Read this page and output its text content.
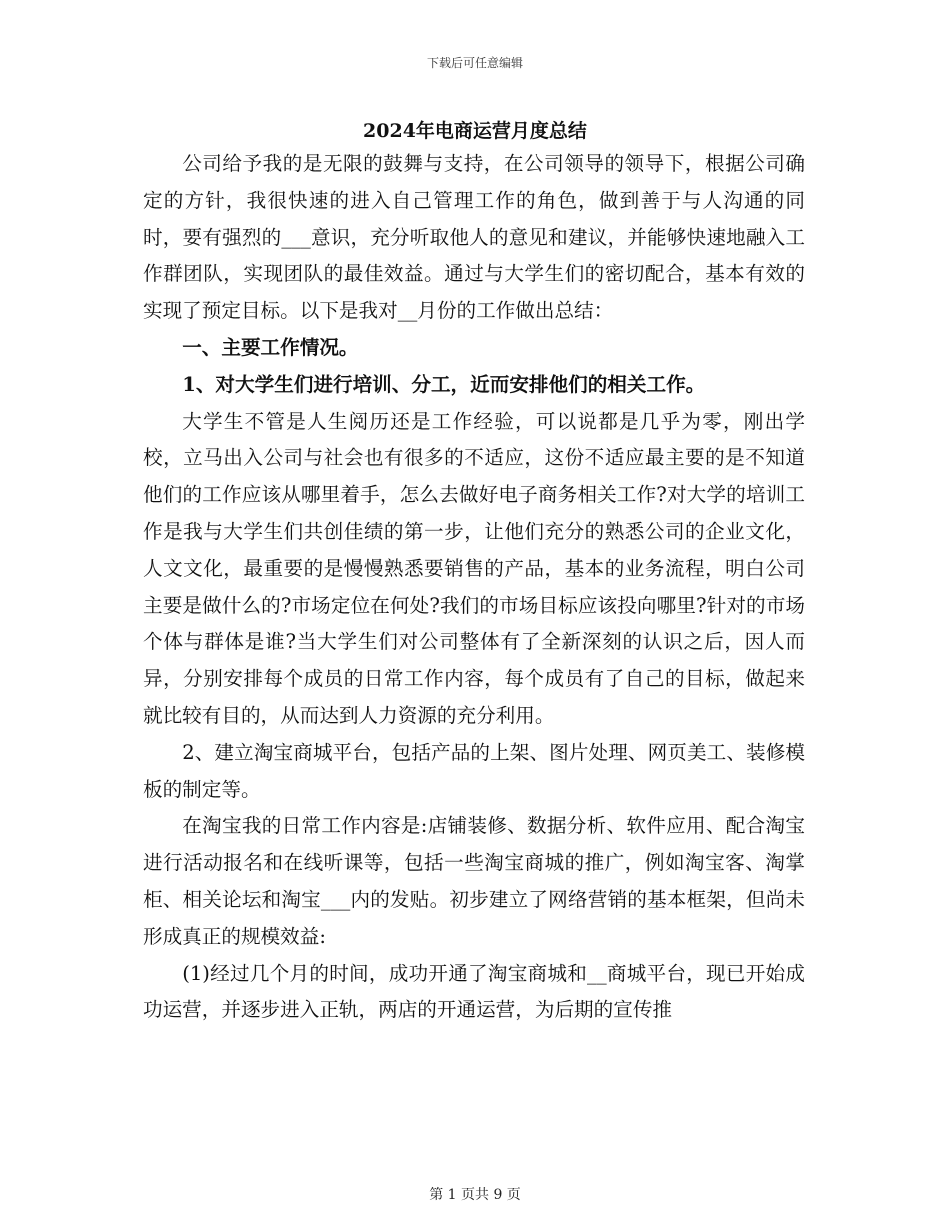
下载后可任意编辑
2024年电商运营月度总结

公司给予我的是无限的鼓舞与支持，在公司领导的领导下，根据公司确定的方针，我很快速的进入自己管理工作的角色，做到善于与人沟通的同时，要有强烈的___意识，充分听取他人的意见和建议，并能够快速地融入工作群团队，实现团队的最佳效益。通过与大学生们的密切配合，基本有效的实现了预定目标。以下是我对__月份的工作做出总结：

一、主要工作情况。

1、对大学生们进行培训、分工，近而安排他们的相关工作。

大学生不管是人生阅历还是工作经验，可以说都是几乎为零，刚出学校，立马出入公司与社会也有很多的不适应，这份不适应最主要的是不知道他们的工作应该从哪里着手，怎么去做好电子商务相关工作?对大学的培训工作是我与大学生们共创佳绩的第一步，让他们充分的熟悉公司的企业文化，人文文化，最重要的是慢慢熟悉要销售的产品，基本的业务流程，明白公司主要是做什么的?市场定位在何处?我们的市场目标应该投向哪里?针对的市场个体与群体是谁?当大学生们对公司整体有了全新深刻的认识之后，因人而异，分别安排每个成员的日常工作内容，每个成员有了自己的目标，做起来就比较有目的，从而达到人力资源的充分利用。

2、建立淘宝商城平台，包括产品的上架、图片处理、网页美工、装修模板的制定等。

在淘宝我的日常工作内容是:店铺装修、数据分析、软件应用、配合淘宝进行活动报名和在线听课等，包括一些淘宝商城的推广，例如淘宝客、淘掌柜、相关论坛和淘宝___内的发贴。初步建立了网络营销的基本框架，但尚未形成真正的规模效益:

(1)经过几个月的时间，成功开通了淘宝商城和__商城平台，现已开始成功运营，并逐步进入正轨，两店的开通运营，为后期的宣传推

第 1 页共 9 页
